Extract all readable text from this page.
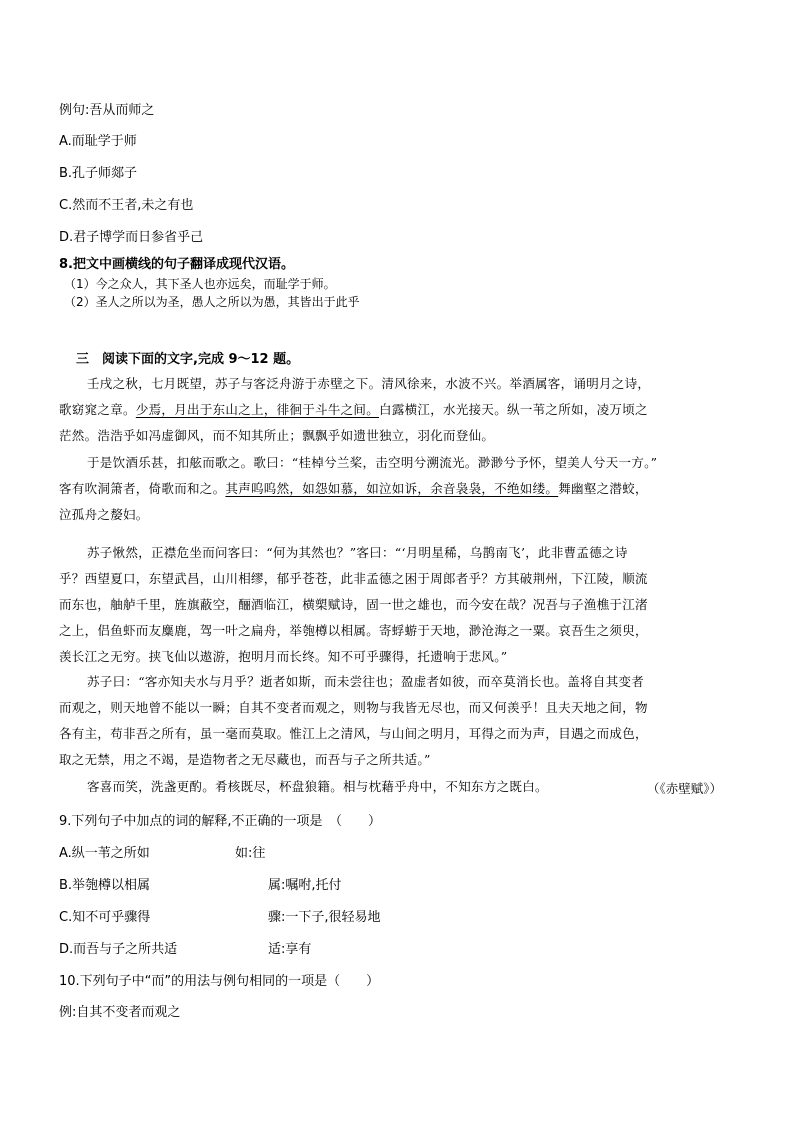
例句:吾从而师之
A.而耻学于师
B.孔子师郯子
C.然而不王者,未之有也
D.君子博学而日参省乎己
8.把文中画横线的句子翻译成现代汉语。
（1）今之众人，其下圣人也亦远矣，而耻学于师。
（2）圣人之所以为圣，愚人之所以为愚，其皆出于此乎
三　阅读下面的文字,完成 9～12 题。
壬戌之秋，七月既望，苏子与客泛舟游于赤壁之下。清风徐来，水波不兴。举酒属客，诵明月之诗，
歌窈窕之章。少焉，月出于东山之上，徘徊于斗牛之间。白露横江，水光接天。纵一苇之所如，凌万顷之
茫然。浩浩乎如冯虚御风，而不知其所止；飘飘乎如遗世独立，羽化而登仙。
于是饮酒乐甚，扣舷而歌之。歌曰：“桂棹兮兰桨，击空明兮溯流光。渺渺兮予怀，望美人兮天一方。”
客有吹洞箫者，倚歌而和之。其声呜呜然，如怨如慕，如泣如诉，余音袅袅，不绝如缕。舞幽壑之潜蛟，
泣孤舟之嫠妇。
苏子愀然，正襟危坐而问客曰：“何为其然也？”客曰：“‘月明星稀，乌鹊南飞’，此非曹孟德之诗
乎？西望夏口，东望武昌，山川相缪，郁乎苍苍，此非孟德之困于周郎者乎？方其破荆州，下江陵，顺流
而东也，舳舻千里，旌旗蔽空，酾酒临江，横槊赋诗，固一世之雄也，而今安在哉？况吾与子渔樵于江渚
之上，侣鱼虾而友麋鹿，驾一叶之扁舟，举匏樽以相属。寄蜉蝣于天地，渺沧海之一粟。哀吾生之须臾，
羡长江之无穷。挟飞仙以遨游，抱明月而长终。知不可乎骤得，托遗响于悲风。”
苏子曰：“客亦知夫水与月乎？逝者如斯，而未尝往也；盈虚者如彼，而卒莫消长也。盖将自其变者
而观之，则天地曾不能以一瞬；自其不变者而观之，则物与我皆无尽也，而又何羡乎！且夫天地之间，物
各有主，苟非吾之所有，虽一毫而莫取。惟江上之清风，与山间之明月，耳得之而为声，目遇之而成色，
取之无禁，用之不竭，是造物者之无尽藏也，而吾与子之所共适。”
客喜而笑，洗盏更酌。肴核既尽，杯盘狼籍。相与枕藉乎舟中，不知东方之既白。	（《赤壁赋》）
9.下列句子中加点的词的解释,不正确的一项是　（　　）
A.纵一苇之所如	如:往
B.举匏樽以相属	属:嘱咐,托付
C.知不可乎骤得	骤:一下子,很轻易地
D.而吾与子之所共适	适:享有
10.下列句子中“而”的用法与例句相同的一项是（　　）
例:自其不变者而观之
